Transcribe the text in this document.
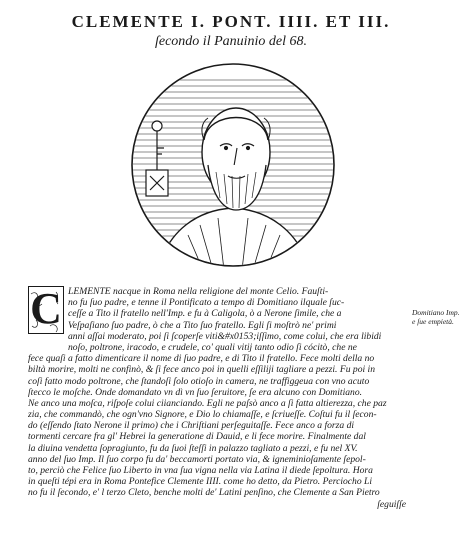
CLEMENTE I. PONT. IIII. ET III.

ſecondo il Panuinio del 68.

C LEMENTE nacque in Roma nella religione del monte Celio. Fauſti-
no fu ſuo padre, e tenne il Pontificato a tempo di Domitiano ilquale ſuc-
ceſſe a Tito il fratello nell'Imp. e fu à Caligola, ò a Nerone ſimile, che a
Veſpaſiano ſuo padre, ò che a Tito ſuo fratello. Egli ſi moſtrò ne' primi
anni aſſai moderato, poi ſi ſcoperſe viti&#x0153;iſſimo, come colui, che era libidi
noſo, poltrone, iracodo, e crudele, co' quali vitij tanto odio ſi cócitò, che ne
fece quaſi a fatto dimenticare il nome di ſuo padre, e di Tito il fratello. Fece molti della no
biltà morire, molti ne confinò, & ſi fece anco poi in quelli eſſiliji tagliare a pezzi. Fu poi in
coſi fatto modo poltrone, che ſtandoſi ſolo otioſo in camera, ne traffiggeua con vno acuto
ſtecco le moſche. Onde domandato vn dì vn ſuo ſeruitore, ſe era alcuno con Domitiano.
Ne anco una moſca, riſpoſe colui ciianciando. Egli ne paſsò anco a ſi fatta altierezza, che paz
zia, che commandò, che ogn'vno Signore, e Dio lo chiamaſſe, e ſcriueſſe. Coſtui fu il ſecon-
do (eſſendo ſtato Nerone il primo) che i Chriſtiani perſeguitaſſe. Fece anco a forza di
tormenti cercare fra gl' Hebrei la generatione di Dauid, e li fece morire. Finalmente dal
la diuina vendetta ſopragiunto, fu da ſuoi ſteſſi in palazzo tagliato a pezzi, e fu nel XV.
anno del ſuo Imp. Il ſuo corpo fu da' beccamorti portato via, & igneminioſamente ſepol-
to, perciò che Felice ſuo Liberto in vna ſua vigna nella via Latina il diede ſepoltura. Hora
in queſti tépi era in Roma Pontefice Clemente IIII. come ho detto, da Pietro. Perciocho Li
no fu il ſecondo, e' l terzo Cleto, benche molti de' Latini penſino, che Clemente a San Pietro
ſeguiſſe
Domitiano Imp. e ſue empietà.
